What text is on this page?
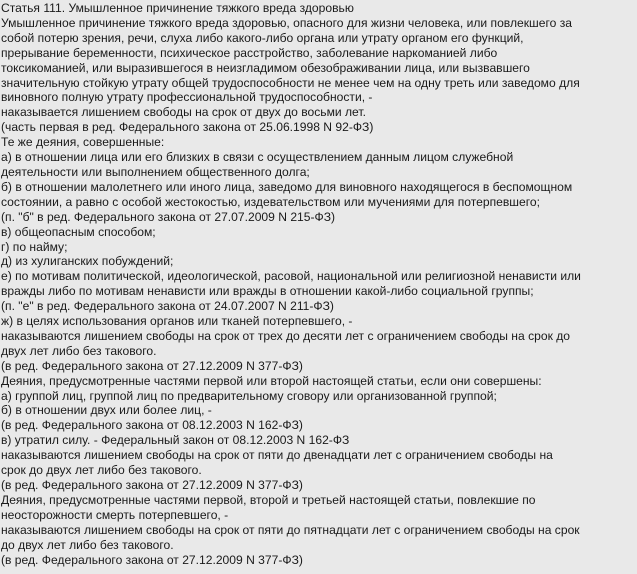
Статья 111. Умышленное причинение тяжкого вреда здоровью
Умышленное причинение тяжкого вреда здоровью, опасного для жизни человека, или повлекшего за
собой потерю зрения, речи, слуха либо какого-либо органа или утрату органом его функций,
прерывание беременности, психическое расстройство, заболевание наркоманией либо
токсикоманией, или выразившегося в неизгладимом обезображивании лица, или вызвавшего
значительную стойкую утрату общей трудоспособности не менее чем на одну треть или заведомо для
виновного полную утрату профессиональной трудоспособности, -
наказывается лишением свободы на срок от двух до восьми лет.
(часть первая в ред. Федерального закона от 25.06.1998 N 92-ФЗ)
Те же деяния, совершенные:
а) в отношении лица или его близких в связи с осуществлением данным лицом служебной
деятельности или выполнением общественного долга;
б) в отношении малолетнего или иного лица, заведомо для виновного находящегося в беспомощном
состоянии, а равно с особой жестокостью, издевательством или мучениями для потерпевшего;
(п. "б" в ред. Федерального закона от 27.07.2009 N 215-ФЗ)
в) общеопасным способом;
г) по найму;
д) из хулиганских побуждений;
е) по мотивам политической, идеологической, расовой, национальной или религиозной ненависти или
вражды либо по мотивам ненависти или вражды в отношении какой-либо социальной группы;
(п. "е" в ред. Федерального закона от 24.07.2007 N 211-ФЗ)
ж) в целях использования органов или тканей потерпевшего, -
наказываются лишением свободы на срок от трех до десяти лет с ограничением свободы на срок до
двух лет либо без такового.
(в ред. Федерального закона от 27.12.2009 N 377-ФЗ)
Деяния, предусмотренные частями первой или второй настоящей статьи, если они совершены:
а) группой лиц, группой лиц по предварительному сговору или организованной группой;
б) в отношении двух или более лиц, -
(в ред. Федерального закона от 08.12.2003 N 162-ФЗ)
в) утратил силу. - Федеральный закон от 08.12.2003 N 162-ФЗ
наказываются лишением свободы на срок от пяти до двенадцати лет с ограничением свободы на
срок до двух лет либо без такового.
(в ред. Федерального закона от 27.12.2009 N 377-ФЗ)
Деяния, предусмотренные частями первой, второй и третьей настоящей статьи, повлекшие по
неосторожности смерть потерпевшего, -
наказываются лишением свободы на срок от пяти до пятнадцати лет с ограничением свободы на срок
до двух лет либо без такового.
(в ред. Федерального закона от 27.12.2009 N 377-ФЗ)
